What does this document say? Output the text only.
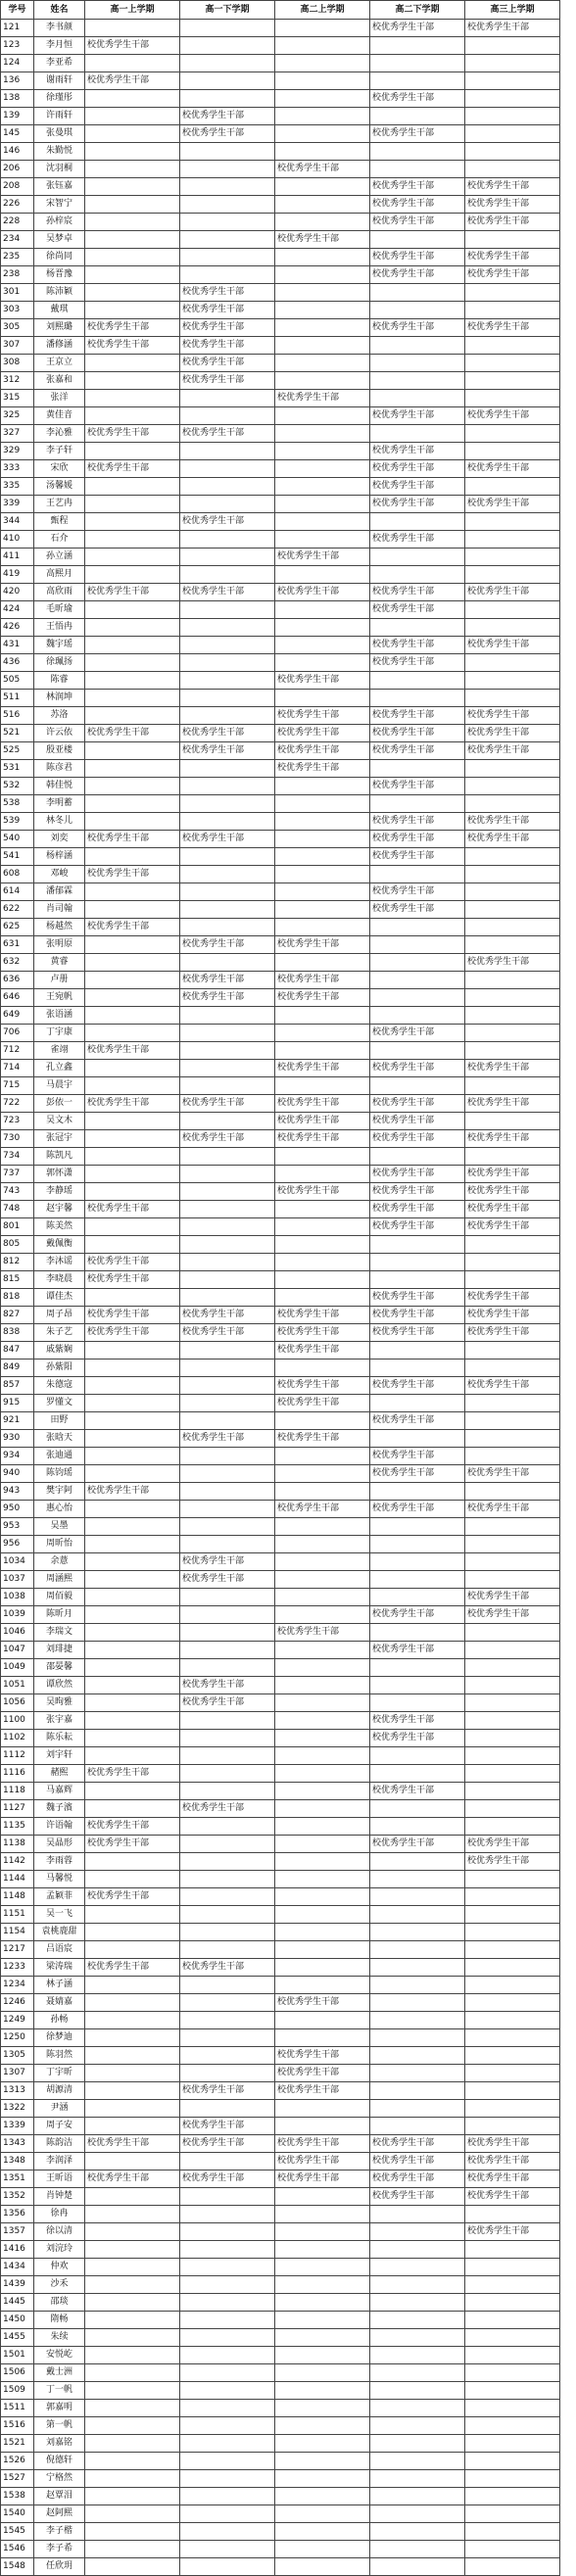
学号	姓名	高一上学期	高一下学期	高二上学期	高二下学期	高三上学期
121	李书颜				校优秀学生干部	校优秀学生干部
123	李月恒	校优秀学生干部				
124	李亚希					
136	谢雨轩	校优秀学生干部				
138	徐瑾彤				校优秀学生干部	
139	许雨轩		校优秀学生干部			
145	张曼琪		校优秀学生干部		校优秀学生干部	
146	朱勤悦					
206	沈羽桐			校优秀学生干部		
208	张钰嘉				校优秀学生干部	校优秀学生干部
226	宋智宁				校优秀学生干部	校优秀学生干部
228	孙梓宸				校优秀学生干部	校优秀学生干部
234	吴梦卓			校优秀学生干部		
235	徐尚同				校优秀学生干部	校优秀学生干部
238	杨晋豫				校优秀学生干部	校优秀学生干部
301	陈沛颖		校优秀学生干部			
303	戴琪		校优秀学生干部			
305	刘熙璐	校优秀学生干部	校优秀学生干部		校优秀学生干部	校优秀学生干部
307	潘修涵	校优秀学生干部	校优秀学生干部			
308	王京立		校优秀学生干部			
312	张嘉和		校优秀学生干部			
315	张洋			校优秀学生干部		
325	黄佳音				校优秀学生干部	校优秀学生干部
327	李沁雅	校优秀学生干部	校优秀学生干部			
329	李子轩				校优秀学生干部	
333	宋欣	校优秀学生干部			校优秀学生干部	校优秀学生干部
335	汤馨媛				校优秀学生干部	
339	王艺冉				校优秀学生干部	校优秀学生干部
344	甄程		校优秀学生干部			
410	石介				校优秀学生干部	
411	孙立涵			校优秀学生干部		
419	高熙月					
420	高欣雨	校优秀学生干部	校优秀学生干部	校优秀学生干部	校优秀学生干部	校优秀学生干部
424	毛昕瑜				校优秀学生干部	
426	王悟冉					
431	魏宇瑶				校优秀学生干部	校优秀学生干部
436	徐珮扬				校优秀学生干部	
505	陈睿			校优秀学生干部		
511	林润坤					
516	苏洛			校优秀学生干部	校优秀学生干部	校优秀学生干部
521	许云依	校优秀学生干部	校优秀学生干部	校优秀学生干部	校优秀学生干部	校优秀学生干部
525	殷亚楼		校优秀学生干部	校优秀学生干部	校优秀学生干部	校优秀学生干部
531	陈彦君			校优秀学生干部		
532	韩佳悦				校优秀学生干部	
538	李明蓄					
539	林冬儿				校优秀学生干部	校优秀学生干部
540	刘奕	校优秀学生干部	校优秀学生干部		校优秀学生干部	校优秀学生干部
541	杨梓涵				校优秀学生干部	
608	邓峻	校优秀学生干部				
614	潘郁霖				校优秀学生干部	
622	肖司翰				校优秀学生干部	
625	杨越然	校优秀学生干部				
631	张明原		校优秀学生干部	校优秀学生干部		
632	黄睿					校优秀学生干部
636	卢册		校优秀学生干部	校优秀学生干部		
646	王宛帆		校优秀学生干部	校优秀学生干部		
649	张语涵					
706	丁宇康				校优秀学生干部	
712	雀翊	校优秀学生干部				
714	孔立鑫			校优秀学生干部	校优秀学生干部	校优秀学生干部
715	马晨宇					
722	彭依一	校优秀学生干部	校优秀学生干部	校优秀学生干部	校优秀学生干部	校优秀学生干部
723	吴文木			校优秀学生干部	校优秀学生干部	
730	张冠宇		校优秀学生干部	校优秀学生干部	校优秀学生干部	校优秀学生干部
734	陈凯凡					
737	郭怀潇				校优秀学生干部	校优秀学生干部
743	李静瑶			校优秀学生干部	校优秀学生干部	校优秀学生干部
748	赵宇馨	校优秀学生干部			校优秀学生干部	校优秀学生干部
801	陈美然				校优秀学生干部	校优秀学生干部
805	戴佩衡					
812	李沐谣	校优秀学生干部				
815	李晓晨	校优秀学生干部				
818	谭佳杰				校优秀学生干部	校优秀学生干部
827	周子昂	校优秀学生干部	校优秀学生干部	校优秀学生干部	校优秀学生干部	校优秀学生干部
838	朱子艺	校优秀学生干部	校优秀学生干部	校优秀学生干部	校优秀学生干部	校优秀学生干部
847	戚紫娴			校优秀学生干部		
849	孙紫阳					
857	朱德寇			校优秀学生干部	校优秀学生干部	校优秀学生干部
915	罗懂文			校优秀学生干部		
921	田野				校优秀学生干部	
930	张晗天		校优秀学生干部	校优秀学生干部		
934	张迪通				校优秀学生干部	
940	陈钧瑶				校优秀学生干部	校优秀学生干部
943	樊宇阿	校优秀学生干部				
950	惠心怡			校优秀学生干部	校优秀学生干部	校优秀学生干部
953	吴墨					
956	周昕怡					
1034	余薏		校优秀学生干部			
1037	周涵熙		校优秀学生干部			
1038	周佰毅					校优秀学生干部
1039	陈昕月				校优秀学生干部	校优秀学生干部
1046	李瑞文			校优秀学生干部		
1047	刘琲捷				校优秀学生干部	
1049	邵晏馨					
1051	谭欣然		校优秀学生干部			
1056	吴昫雅		校优秀学生干部			
1100	张宇嘉				校优秀学生干部	
1102	陈乐耘				校优秀学生干部	
1112	刘宇轩					
1116	赭熙	校优秀学生干部				
1118	马嘉辉				校优秀学生干部	
1127	魏子濱		校优秀学生干部			
1135	许语翰	校优秀学生干部				
1138	吴晶形	校优秀学生干部			校优秀学生干部	校优秀学生干部
1142	李雨蓉					校优秀学生干部
1144	马馨悦					
1148	孟颖菲	校优秀学生干部				
1151	吴一飞					
1154	袁桃鹿甜					
1217	吕语宸					
1233	梁涛瑞	校优秀学生干部	校优秀学生干部			
1234	林子涵					
1246	聂婧嘉			校优秀学生干部		
1249	孙畅					
1250	徐梦迪					
1305	陈羽然			校优秀学生干部		
1307	丁宇昕			校优秀学生干部		
1313	胡源清		校优秀学生干部	校优秀学生干部		
1322	尹涵					
1339	周子安		校优秀学生干部			
1343	陈韵洁	校优秀学生干部	校优秀学生干部	校优秀学生干部	校优秀学生干部	校优秀学生干部
1348	李润泽			校优秀学生干部	校优秀学生干部	校优秀学生干部
1351	王昕语	校优秀学生干部	校优秀学生干部	校优秀学生干部	校优秀学生干部	校优秀学生干部
1352	肖钟楚				校优秀学生干部	校优秀学生干部
1356	徐冉					
1357	徐以清					校优秀学生干部
1416	刘浣玲					
1434	仲欢					
1439	沙禾					
1445	邵琰					
1450	隋畅					
1455	朱续					
1501	安悦屹					
1506	戴士洲					
1509	丁一帆					
1511	郭嘉明					
1516	第一帆					
1521	刘嘉铭					
1526	倪德轩					
1527	宁格然					
1538	赵覃泪					
1540	赵阿熙					
1545	李子楷					
1546	李子希					
1548	任欣玥					
